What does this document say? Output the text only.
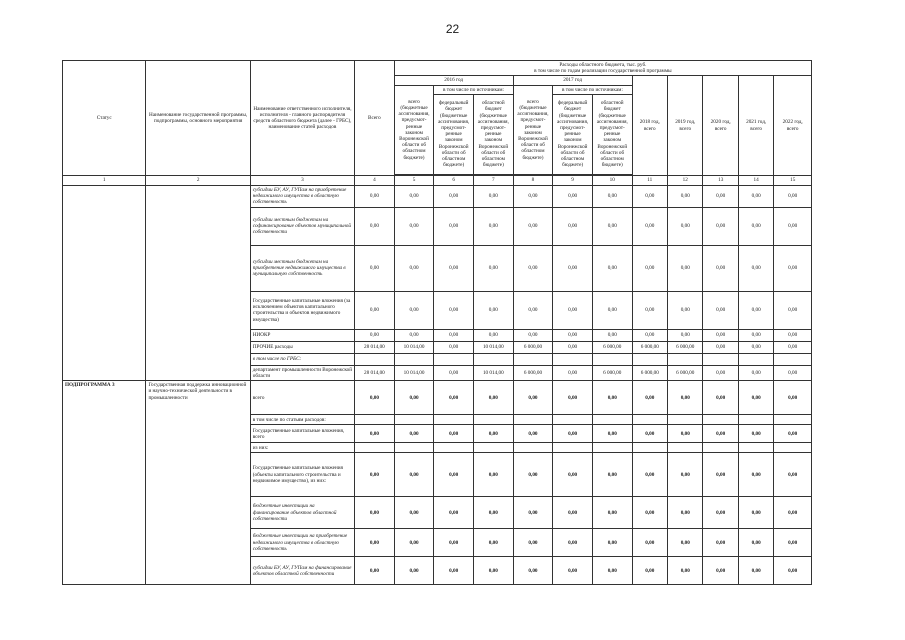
22
Статус	Наименование государственной программы, подпрограммы, основного мероприятия	Наименование ответственного исполнителя, исполнителя - главного распорядителя средств областного бюджета (далее - ГРБС), наименование статей расходов	Всего	Расходы областного бюджета, тыс. руб.
в том числе по годам реализации государственной программы										
				2016 год			2017 год			2018 год, всего	2019 год, всего	2020 год, всего	2021 год, всего	2022 год, всего
				всего (бюджетные ассигнования, предусмот-ренные законом Воронежской области об областном бюджете)	в том числе по источникам:		всего (бюджетные ассигнования, предусмот-ренные законом Воронежской области об областном бюджете)	в том числе по источникам:						
					федеральный бюджет (бюджетные ассигнования, предусмот-ренные законом Воронежской области об областном бюджете)	областной бюджет (бюджетные ассигнования, предусмот-ренные законом Воронежской области об областном бюджете)		федеральный бюджет (бюджетные ассигнования, предусмот-ренные законом Воронежской области об областном бюджете)	областной бюджет (бюджетные ассигнования, предусмот-ренные законом Воронежской области об областном бюджете)					

1	2	3	4	5	6	7	8	9	10	11	12	13	14	15
		субсидии БУ, АУ, ГУПам на приобретение недвижимого имущества в областную собственность	0,00	0,00	0,00	0,00	0,00	0,00	0,00	0,00	0,00	0,00	0,00	0,00
		субсидии местным бюджетам на софинансирование объектов муниципальной собственности	0,00	0,00	0,00	0,00	0,00	0,00	0,00	0,00	0,00	0,00	0,00	0,00
		субсидии местным бюджетам на приобретение недвижимого имущества в муниципальную собственность	0,00	0,00	0,00	0,00	0,00	0,00	0,00	0,00	0,00	0,00	0,00	0,00
		Государственные капитальные вложения (за исключением объектов капитального строительства и объектов недвижимого имущества)	0,00	0,00	0,00	0,00	0,00	0,00	0,00	0,00	0,00	0,00	0,00	0,00
		НИОКР	0,00	0,00	0,00	0,00	0,00	0,00	0,00	0,00	0,00	0,00	0,00	0,00
		ПРОЧИЕ расходы	28 014,00	10 014,00	0,00	10 014,00	6 000,00	0,00	6 000,00	6 000,00	6 000,00	0,00	0,00	0,00
		в том числе по ГРБС:												
		департамент промышленности Воронежской области	28 014,00	10 014,00	0,00	10 014,00	6 000,00	0,00	6 000,00	6 000,00	6 000,00	0,00	0,00	0,00
ПОДПРОГРАММА 3	Государственная поддержка инновационной и научно-технической деятельности в промышленности	всего	0,00	0,00	0,00	0,00	0,00	0,00	0,00	0,00	0,00	0,00	0,00	0,00
		в том числе по статьям расходов:												
		Государственные капитальные вложения, всего	0,00	0,00	0,00	0,00	0,00	0,00	0,00	0,00	0,00	0,00	0,00	0,00
		из них:												
		Государственные капитальные вложения (объекты капитального строительства и недвижимое имущество), из них:	0,00	0,00	0,00	0,00	0,00	0,00	0,00	0,00	0,00	0,00	0,00	0,00
		бюджетные инвестиции на финансирование объектов областной собственности	0,00	0,00	0,00	0,00	0,00	0,00	0,00	0,00	0,00	0,00	0,00	0,00
		бюджетные инвестиции на приобретение недвижимого имущества в областную собственность	0,00	0,00	0,00	0,00	0,00	0,00	0,00	0,00	0,00	0,00	0,00	0,00
		субсидии БУ, АУ, ГУПам на финансирование объектов областной собственности	0,00	0,00	0,00	0,00	0,00	0,00	0,00	0,00	0,00	0,00	0,00	0,00
